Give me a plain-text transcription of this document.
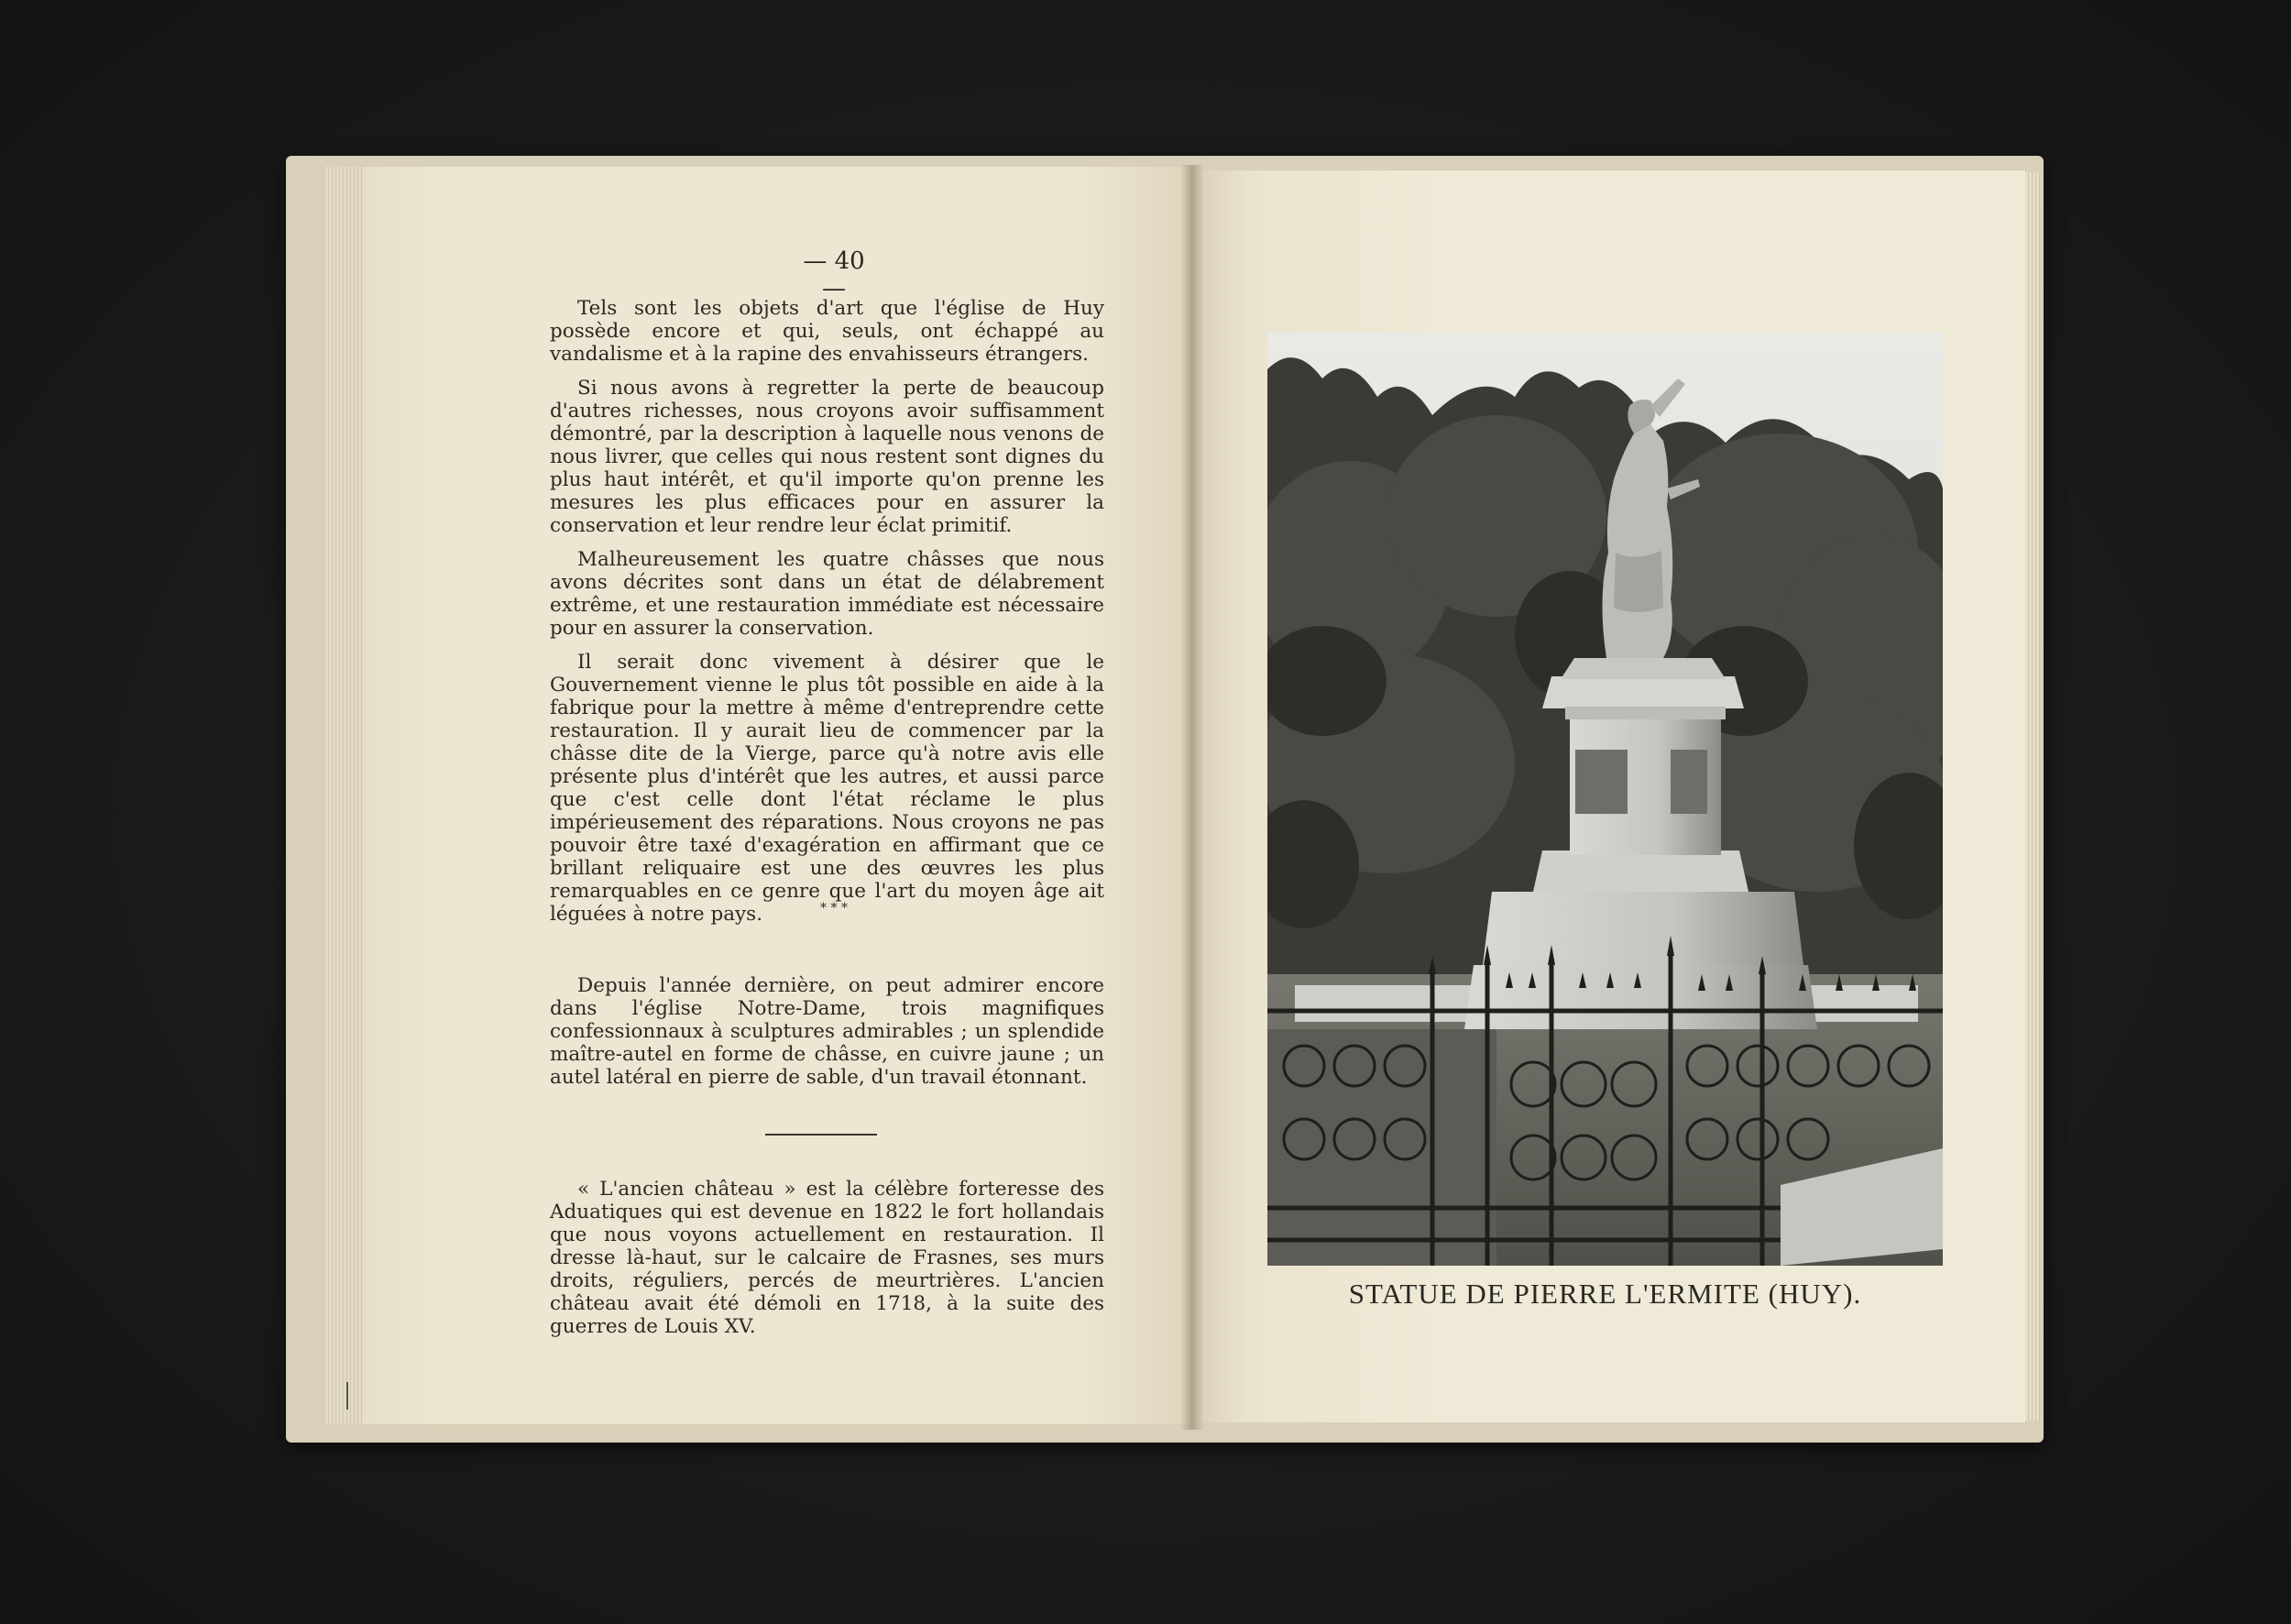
— 40 —

Tels sont les objets d'art que l'église de Huy possède encore et qui, seuls, ont échappé au vandalisme et à la rapine des envahisseurs étrangers.

Si nous avons à regretter la perte de beaucoup d'autres richesses, nous croyons avoir suffisamment démontré, par la description à laquelle nous venons de nous livrer, que celles qui nous restent sont dignes du plus haut intérêt, et qu'il importe qu'on prenne les mesures les plus efficaces pour en assurer la conservation et leur rendre leur éclat primitif.

Malheureusement les quatre châsses que nous avons décrites sont dans un état de délabrement extrême, et une restauration immédiate est nécessaire pour en assurer la conservation.

Il serait donc vivement à désirer que le Gouvernement vienne le plus tôt possible en aide à la fabrique pour la mettre à même d'entreprendre cette restauration. Il y aurait lieu de commencer par la châsse dite de la Vierge, parce qu'à notre avis elle présente plus d'intérêt que les autres, et aussi parce que c'est celle dont l'état réclame le plus impérieusement des réparations. Nous croyons ne pas pouvoir être taxé d'exagération en affirmant que ce brillant reliquaire est une des œuvres les plus remarquables en ce genre que l'art du moyen âge ait léguées à notre pays.	* * *

Depuis l'année dernière, on peut admirer encore dans l'église Notre-Dame, trois magnifiques confessionnaux à sculptures admirables ; un splendide maître-autel en forme de châsse, en cuivre jaune ; un autel latéral en pierre de sable, d'un travail étonnant.

« L'ancien château » est la célèbre forteresse des Aduatiques qui est devenue en 1822 le fort hollandais que nous voyons actuellement en restauration. Il dresse là-haut, sur le calcaire de Frasnes, ses murs droits, réguliers, percés de meurtrières. L'ancien château avait été démoli en 1718, à la suite des guerres de Louis XV.

STATUE DE PIERRE L'ERMITE (HUY).
